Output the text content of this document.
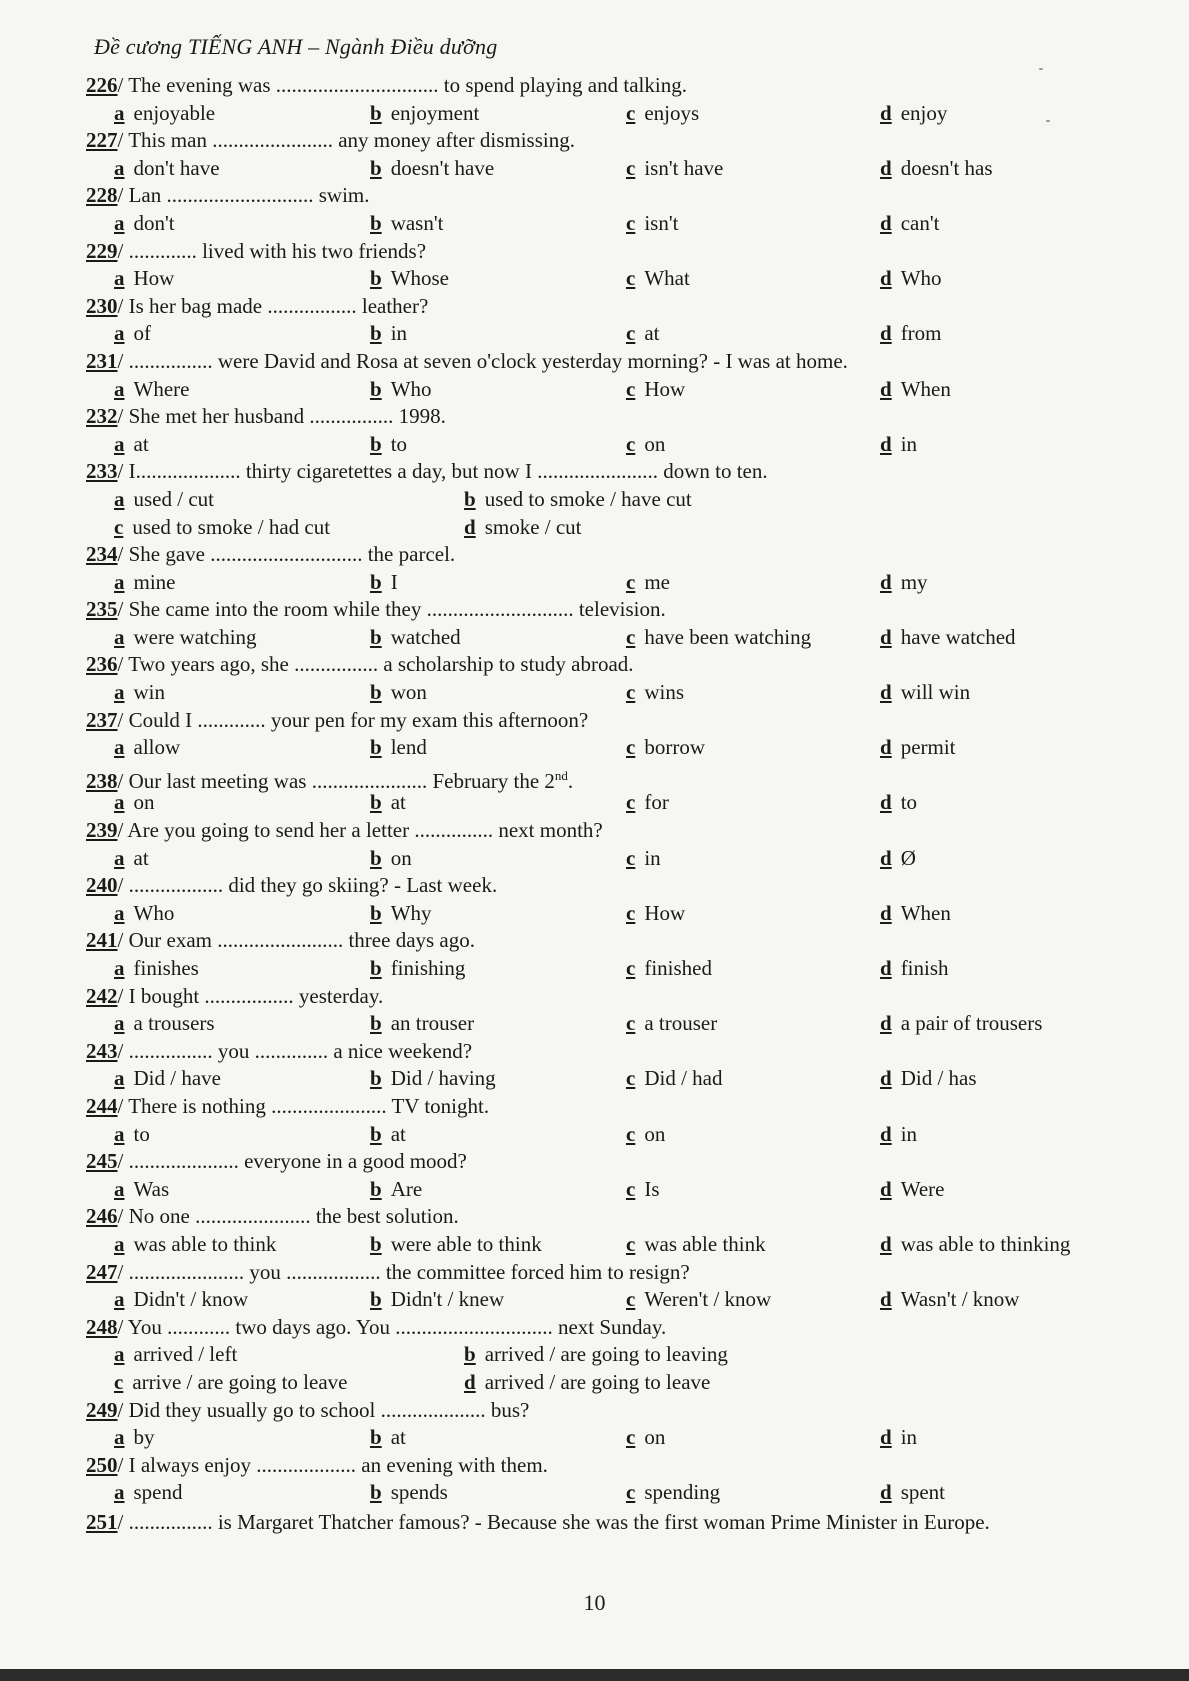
Đề cương TIẾNG ANH – Ngành Điều dưỡng
226/ The evening was ............................... to spend playing and talking.
a enjoyable	b enjoyment	c enjoys	d enjoy
227/ This man ....................... any money after dismissing.
a don't have	b doesn't have	c isn't have	d doesn't has
228/ Lan ............................ swim.
a don't	b wasn't	c isn't	d can't
229/ ............. lived with his two friends?
a How	b Whose	c What	d Who
230/ Is her bag made ................. leather?
a of	b in	c at	d from
231/ ................ were David and Rosa at seven o'clock yesterday morning? - I was at home.
a Where	b Who	c How	d When
232/ She met her husband ................ 1998.
a at	b to	c on	d in
233/ I.................... thirty cigaretettes a day, but now I ....................... down to ten.
a used / cut	b used to smoke / have cut
c used to smoke / had cut	d smoke / cut
234/ She gave ............................. the parcel.
a mine	b I	c me	d my
235/ She came into the room while they ............................ television.
a were watching	b watched	c have been watching	d have watched
236/ Two years ago, she ................ a scholarship to study abroad.
a win	b won	c wins	d will win
237/ Could I ............. your pen for my exam this afternoon?
a allow	b lend	c borrow	d permit
238/ Our last meeting was ...................... February the 2nd.
a on	b at	c for	d to
239/ Are you going to send her a letter ............... next month?
a at	b on	c in	d Ø
240/ .................. did they go skiing? - Last week.
a Who	b Why	c How	d When
241/ Our exam ........................ three days ago.
a finishes	b finishing	c finished	d finish
242/ I bought ................. yesterday.
a a trousers	b an trouser	c a trouser	d a pair of trousers
243/ ................ you .............. a nice weekend?
a Did / have	b Did / having	c Did / had	d Did / has
244/ There is nothing ...................... TV tonight.
a to	b at	c on	d in
245/ ..................... everyone in a good mood?
a Was	b Are	c Is	d Were
246/ No one ...................... the best solution.
a was able to think	b were able to think	c was able think	d was able to thinking
247/ ...................... you .................. the committee forced him to resign?
a Didn't / know	b Didn't / knew	c Weren't / know	d Wasn't / know
248/ You ............ two days ago. You .............................. next Sunday.
a arrived / left	b arrived / are going to leaving
c arrive / are going to leave	d arrived / are going to leave
249/ Did they usually go to school .................... bus?
a by	b at	c on	d in
250/ I always enjoy ................... an evening with them.
a spend	b spends	c spending	d spent
251/ ................ is Margaret Thatcher famous? - Because she was the first woman Prime Minister in Europe.
10
